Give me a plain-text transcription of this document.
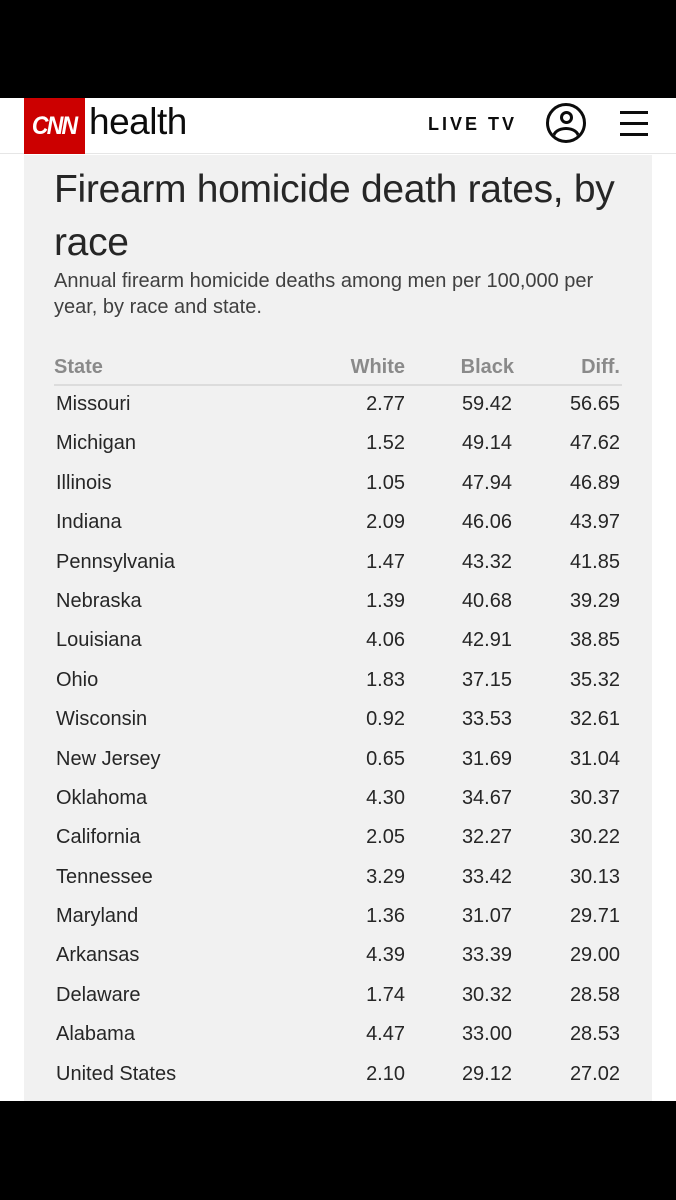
CNN health	LIVE TV
Firearm homicide death rates, by race

Annual firearm homicide deaths among men per 100,000 per year, by race and state.

State	White	Black	Diff.
Missouri	2.77	59.42	56.65
Michigan	1.52	49.14	47.62
Illinois	1.05	47.94	46.89
Indiana	2.09	46.06	43.97
Pennsylvania	1.47	43.32	41.85
Nebraska	1.39	40.68	39.29
Louisiana	4.06	42.91	38.85
Ohio	1.83	37.15	35.32
Wisconsin	0.92	33.53	32.61
New Jersey	0.65	31.69	31.04
Oklahoma	4.30	34.67	30.37
California	2.05	32.27	30.22
Tennessee	3.29	33.42	30.13
Maryland	1.36	31.07	29.71
Arkansas	4.39	33.39	29.00
Delaware	1.74	30.32	28.58
Alabama	4.47	33.00	28.53
United States	2.10	29.12	27.02
